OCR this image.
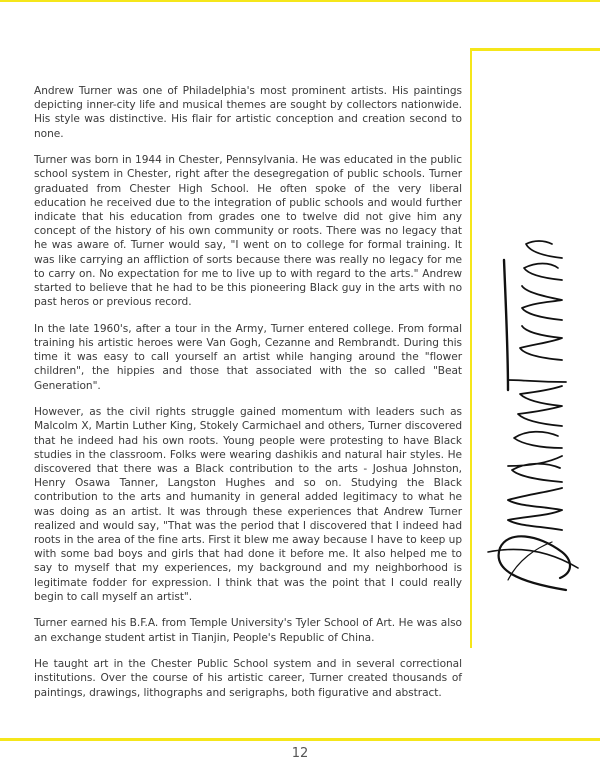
Andrew Turner was one of Philadelphia's most prominent artists. His paintings depicting inner-city life and musical themes are sought by collectors nationwide. His style was distinctive. His flair for artistic conception and creation second to none.

Turner was born in 1944 in Chester, Pennsylvania. He was educated in the public school system in Chester, right after the desegregation of public schools. Turner graduated from Chester High School. He often spoke of the very liberal education he received due to the integration of public schools and would further indicate that his education from grades one to twelve did not give him any concept of the history of his own community or roots. There was no legacy that he was aware of. Turner would say, "I went on to college for formal training. It was like carrying an affliction of sorts because there was really no legacy for me to carry on. No expectation for me to live up to with regard to the arts." Andrew started to believe that he had to be this pioneering Black guy in the arts with no past heros or previous record.

In the late 1960's, after a tour in the Army, Turner entered college. From formal training his artistic heroes were Van Gogh, Cezanne and Rembrandt. During this time it was easy to call yourself an artist while hanging around the "flower children", the hippies and those that associated with the so called "Beat Generation".

However, as the civil rights struggle gained momentum with leaders such as Malcolm X, Martin Luther King, Stokely Carmichael and others, Turner discovered that he indeed had his own roots. Young people were protesting to have Black studies in the classroom. Folks were wearing dashikis and natural hair styles. He discovered that there was a Black contribution to the arts - Joshua Johnston, Henry Osawa Tanner, Langston Hughes and so on. Studying the Black contribution to the arts and humanity in general added legitimacy to what he was doing as an artist. It was through these experiences that Andrew Turner realized and would say, "That was the period that I discovered that I indeed had roots in the area of the fine arts. First it blew me away because I have to keep up with some bad boys and girls that had done it before me. It also helped me to say to myself that my experiences, my background and my neighborhood is legitimate fodder for expression. I think that was the point that I could really begin to call myself an artist".

Turner earned his B.F.A. from Temple University's Tyler School of Art. He was also an exchange student artist in Tianjin, People's Republic of China.

He taught art in the Chester Public School system and in several correctional institutions. Over the course of his artistic career, Turner created thousands of paintings, drawings, lithographs and serigraphs, both figurative and abstract.

12
